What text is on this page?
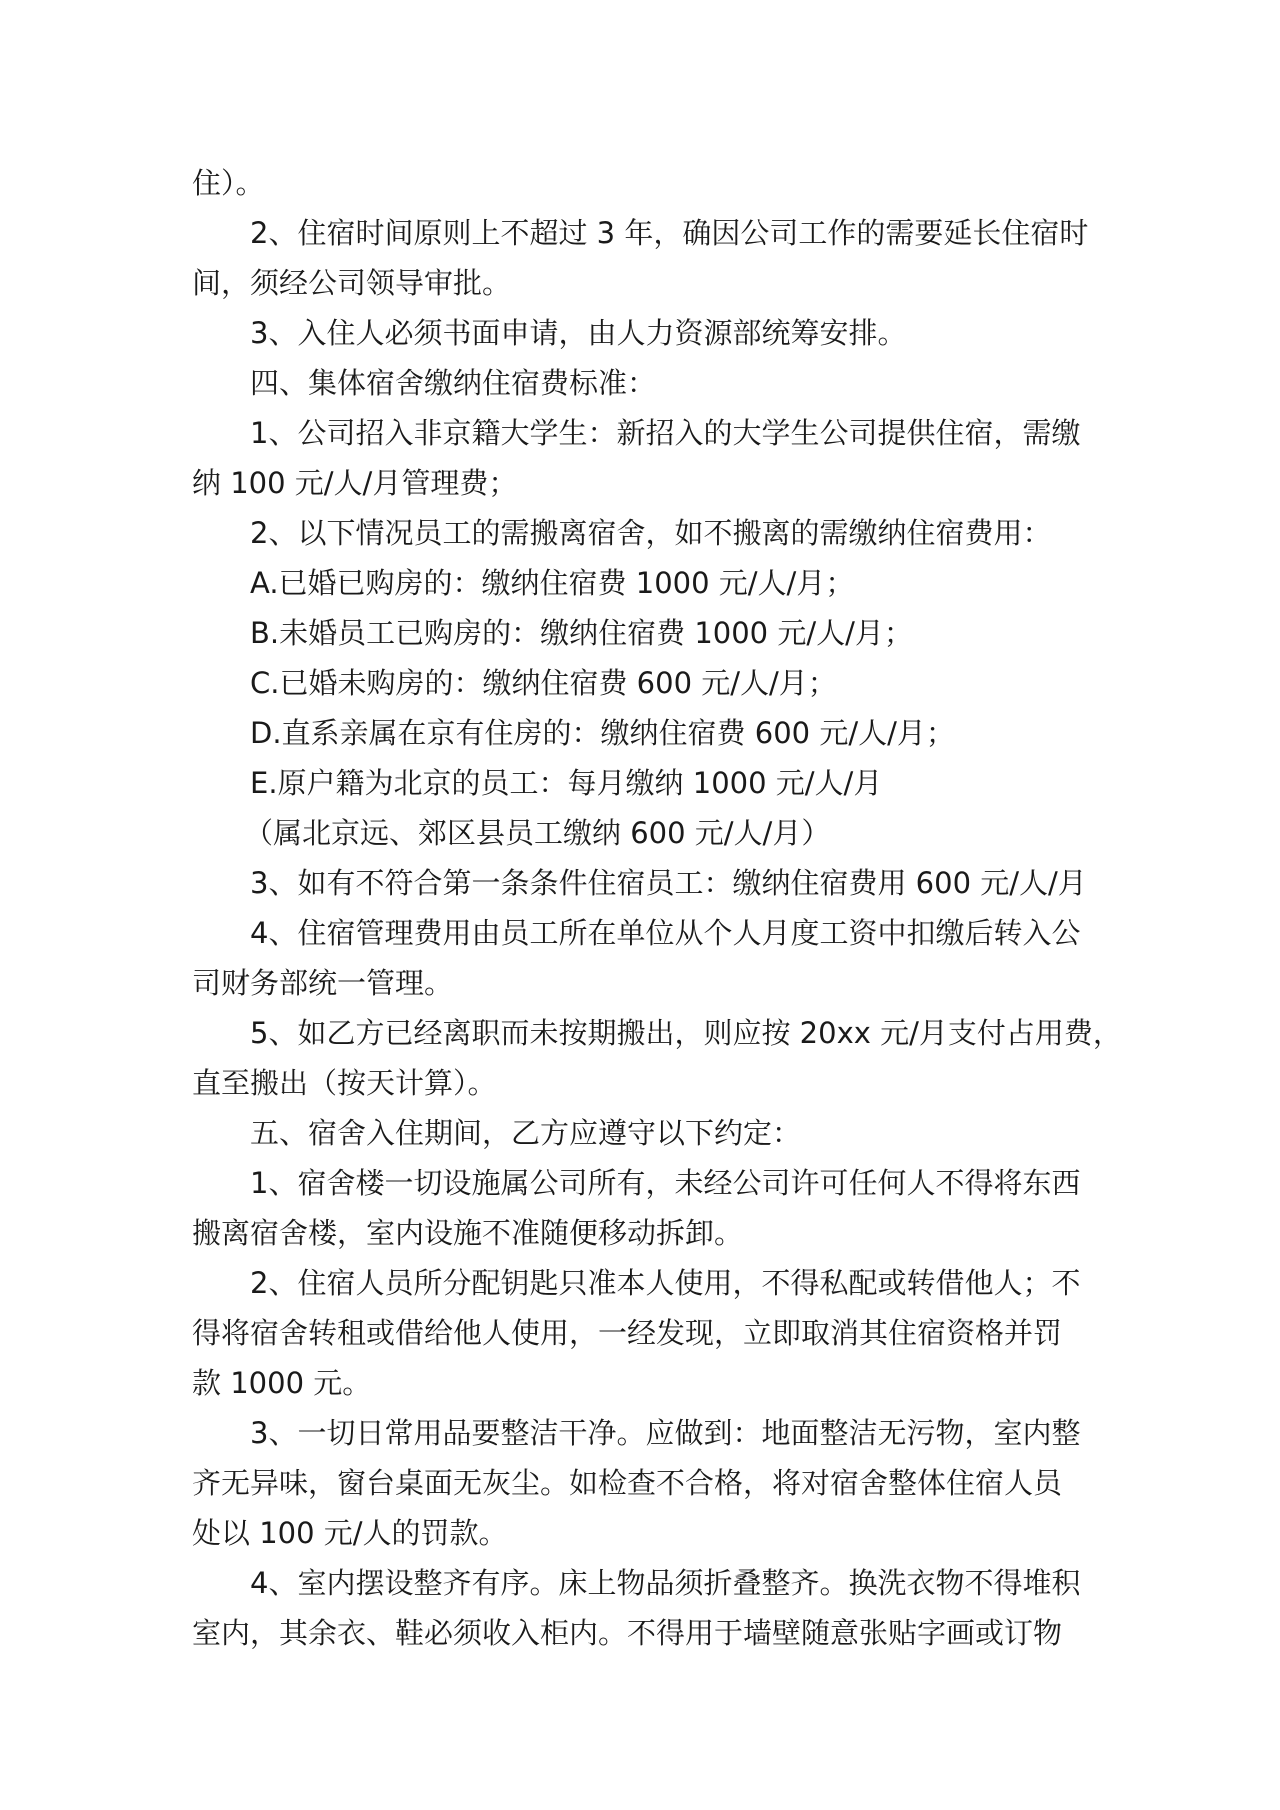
住）。

2、住宿时间原则上不超过 3 年，确因公司工作的需要延长住宿时

间，须经公司领导审批。

3、入住人必须书面申请，由人力资源部统筹安排。

四、集体宿舍缴纳住宿费标准：

1、公司招入非京籍大学生：新招入的大学生公司提供住宿，需缴

纳 100 元/人/月管理费；

2、以下情况员工的需搬离宿舍，如不搬离的需缴纳住宿费用：

A.已婚已购房的：缴纳住宿费 1000 元/人/月；

B.未婚员工已购房的：缴纳住宿费 1000 元/人/月；

C.已婚未购房的：缴纳住宿费 600 元/人/月；

D.直系亲属在京有住房的：缴纳住宿费 600 元/人/月；

E.原户籍为北京的员工：每月缴纳 1000 元/人/月

（属北京远、郊区县员工缴纳 600 元/人/月）

3、如有不符合第一条条件住宿员工：缴纳住宿费用 600 元/人/月

4、住宿管理费用由员工所在单位从个人月度工资中扣缴后转入公

司财务部统一管理。

5、如乙方已经离职而未按期搬出，则应按 20xx 元/月支付占用费，

直至搬出（按天计算）。

五、宿舍入住期间，乙方应遵守以下约定：

1、宿舍楼一切设施属公司所有，未经公司许可任何人不得将东西

搬离宿舍楼，室内设施不准随便移动拆卸。

2、住宿人员所分配钥匙只准本人使用，不得私配或转借他人；不

得将宿舍转租或借给他人使用，一经发现，立即取消其住宿资格并罚

款 1000 元。

3、一切日常用品要整洁干净。应做到：地面整洁无污物，室内整

齐无异味，窗台桌面无灰尘。如检查不合格，将对宿舍整体住宿人员

处以 100 元/人的罚款。

4、室内摆设整齐有序。床上物品须折叠整齐。换洗衣物不得堆积

室内，其余衣、鞋必须收入柜内。不得用于墙壁随意张贴字画或订物
